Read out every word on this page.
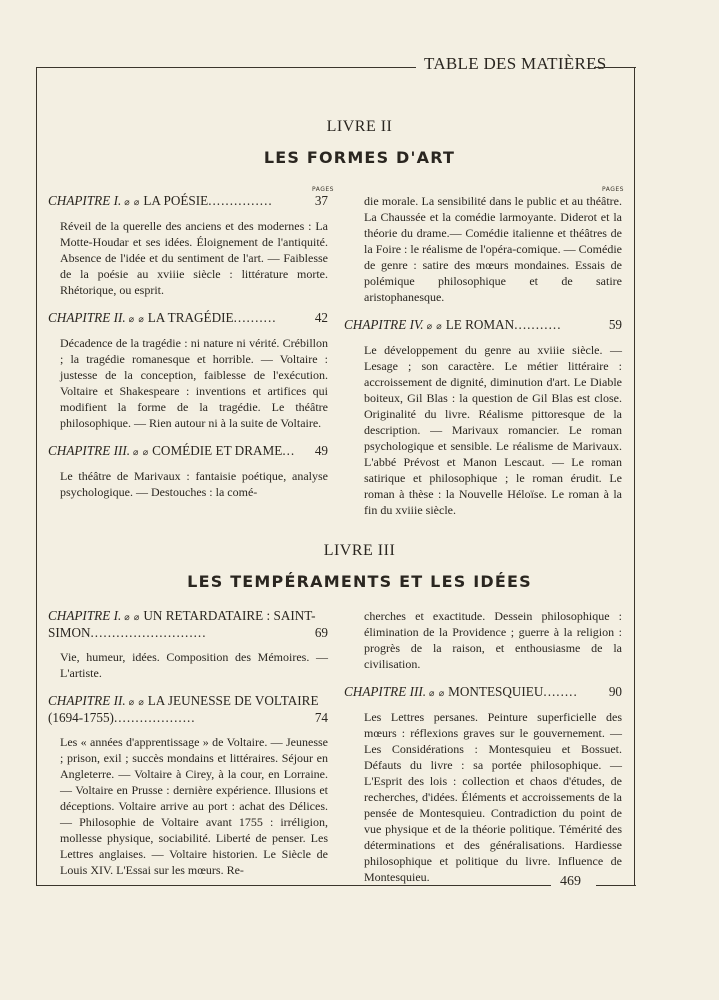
TABLE DES MATIÈRES
LIVRE II
LES FORMES D'ART
PAGES	PAGES
CHAPITRE I. ⌀ ⌀ LA POÉSIE...............	37

Réveil de la querelle des anciens et des modernes : La Motte-Houdar et ses idées. Éloignement de l'antiquité. Absence de l'idée et du sentiment de l'art. — Faiblesse de la poésie au xviiie siècle : littérature morte. Rhétorique, ou esprit.

CHAPITRE II. ⌀ ⌀ LA TRAGÉDIE..........	42

Décadence de la tragédie : ni nature ni vérité. Crébillon ; la tragédie romanesque et horrible. — Voltaire : justesse de la conception, faiblesse de l'exécution. Voltaire et Shakespeare : inventions et artifices qui modifient la forme de la tragédie. Le théâtre philosophique. — Rien autour ni à la suite de Voltaire.

CHAPITRE III. ⌀ ⌀ COMÉDIE ET DRAME... 49

Le théâtre de Marivaux : fantaisie poétique, analyse psychologique. — Destouches : la comé-

die morale. La sensibilité dans le public et au théâtre. La Chaussée et la comédie larmoyante. Diderot et la théorie du drame.— Comédie italienne et théâtres de la Foire : le réalisme de l'opéra-comique. — Comédie de genre : satire des mœurs mondaines. Essais de polémique philosophique et de satire aristophanesque.

CHAPITRE IV. ⌀ ⌀ LE ROMAN...........	59

Le développement du genre au xviiie siècle. — Lesage ; son caractère. Le métier littéraire : accroissement de dignité, diminution d'art. Le Diable boiteux, Gil Blas : la question de Gil Blas est close. Originalité du livre. Réalisme pittoresque de la description. — Marivaux romancier. Le roman psychologique et sensible. Le réalisme de Marivaux. L'abbé Prévost et Manon Lescaut. — Le roman satirique et philosophique ; le roman érudit. Le roman à thèse : la Nouvelle Héloïse. Le roman à la fin du xviiie siècle.

LIVRE III
LES TEMPÉRAMENTS ET LES IDÉES
CHAPITRE I. ⌀ ⌀ UN RETARDATAIRE : SAINT-SIMON...........................	69

Vie, humeur, idées. Composition des Mémoires. — L'artiste.

CHAPITRE II. ⌀ ⌀ LA JEUNESSE DE VOLTAIRE (1694-1755)...................	74

Les « années d'apprentissage » de Voltaire. — Jeunesse ; prison, exil ; succès mondains et littéraires. Séjour en Angleterre. — Voltaire à Cirey, à la cour, en Lorraine. — Voltaire en Prusse : dernière expérience. Illusions et déceptions. Voltaire arrive au port : achat des Délices. — Philosophie de Voltaire avant 1755 : irréligion, mollesse physique, sociabilité. Liberté de penser. Les Lettres anglaises. — Voltaire historien. Le Siècle de Louis XIV. L'Essai sur les mœurs. Re-

cherches et exactitude. Dessein philosophique : élimination de la Providence ; guerre à la religion : progrès de la raison, et enthousiasme de la civilisation.

CHAPITRE III. ⌀ ⌀ MONTESQUIEU........ 90

Les Lettres persanes. Peinture superficielle des mœurs : réflexions graves sur le gouvernement. — Les Considérations : Montesquieu et Bossuet. Défauts du livre : sa portée philosophique. — L'Esprit des lois : collection et chaos d'études, de recherches, d'idées. Éléments et accroissements de la pensée de Montesquieu. Contradiction du point de vue physique et de la théorie politique. Témérité des déterminations et des généralisations. Hardiesse philosophique et politique du livre. Influence de Montesquieu.	469
